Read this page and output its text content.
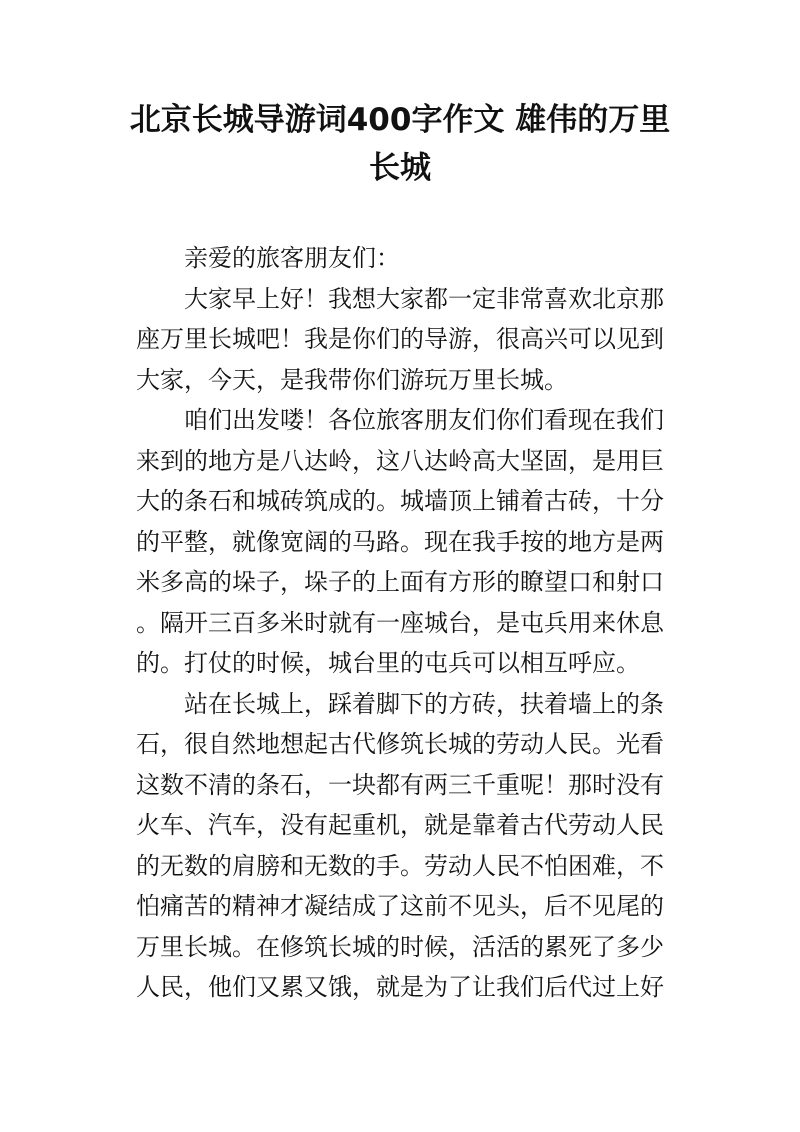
北京长城导游词400字作文 雄伟的万里长城

亲爱的旅客朋友们：

大家早上好！我想大家都一定非常喜欢北京那座万里长城吧！我是你们的导游，很高兴可以见到大家，今天，是我带你们游玩万里长城。

咱们出发喽！各位旅客朋友们你们看现在我们来到的地方是八达岭，这八达岭高大坚固，是用巨大的条石和城砖筑成的。城墙顶上铺着古砖，十分的平整，就像宽阔的马路。现在我手按的地方是两米多高的垛子，垛子的上面有方形的瞭望口和射口。隔开三百多米时就有一座城台，是屯兵用来休息的。打仗的时候，城台里的屯兵可以相互呼应。

站在长城上，踩着脚下的方砖，扶着墙上的条石，很自然地想起古代修筑长城的劳动人民。光看这数不清的条石，一块都有两三千重呢！那时没有火车、汽车，没有起重机，就是靠着古代劳动人民的无数的肩膀和无数的手。劳动人民不怕困难，不怕痛苦的精神才凝结成了这前不见头，后不见尾的万里长城。在修筑长城的时候，活活的累死了多少人民，他们又累又饿，就是为了让我们后代过上好
